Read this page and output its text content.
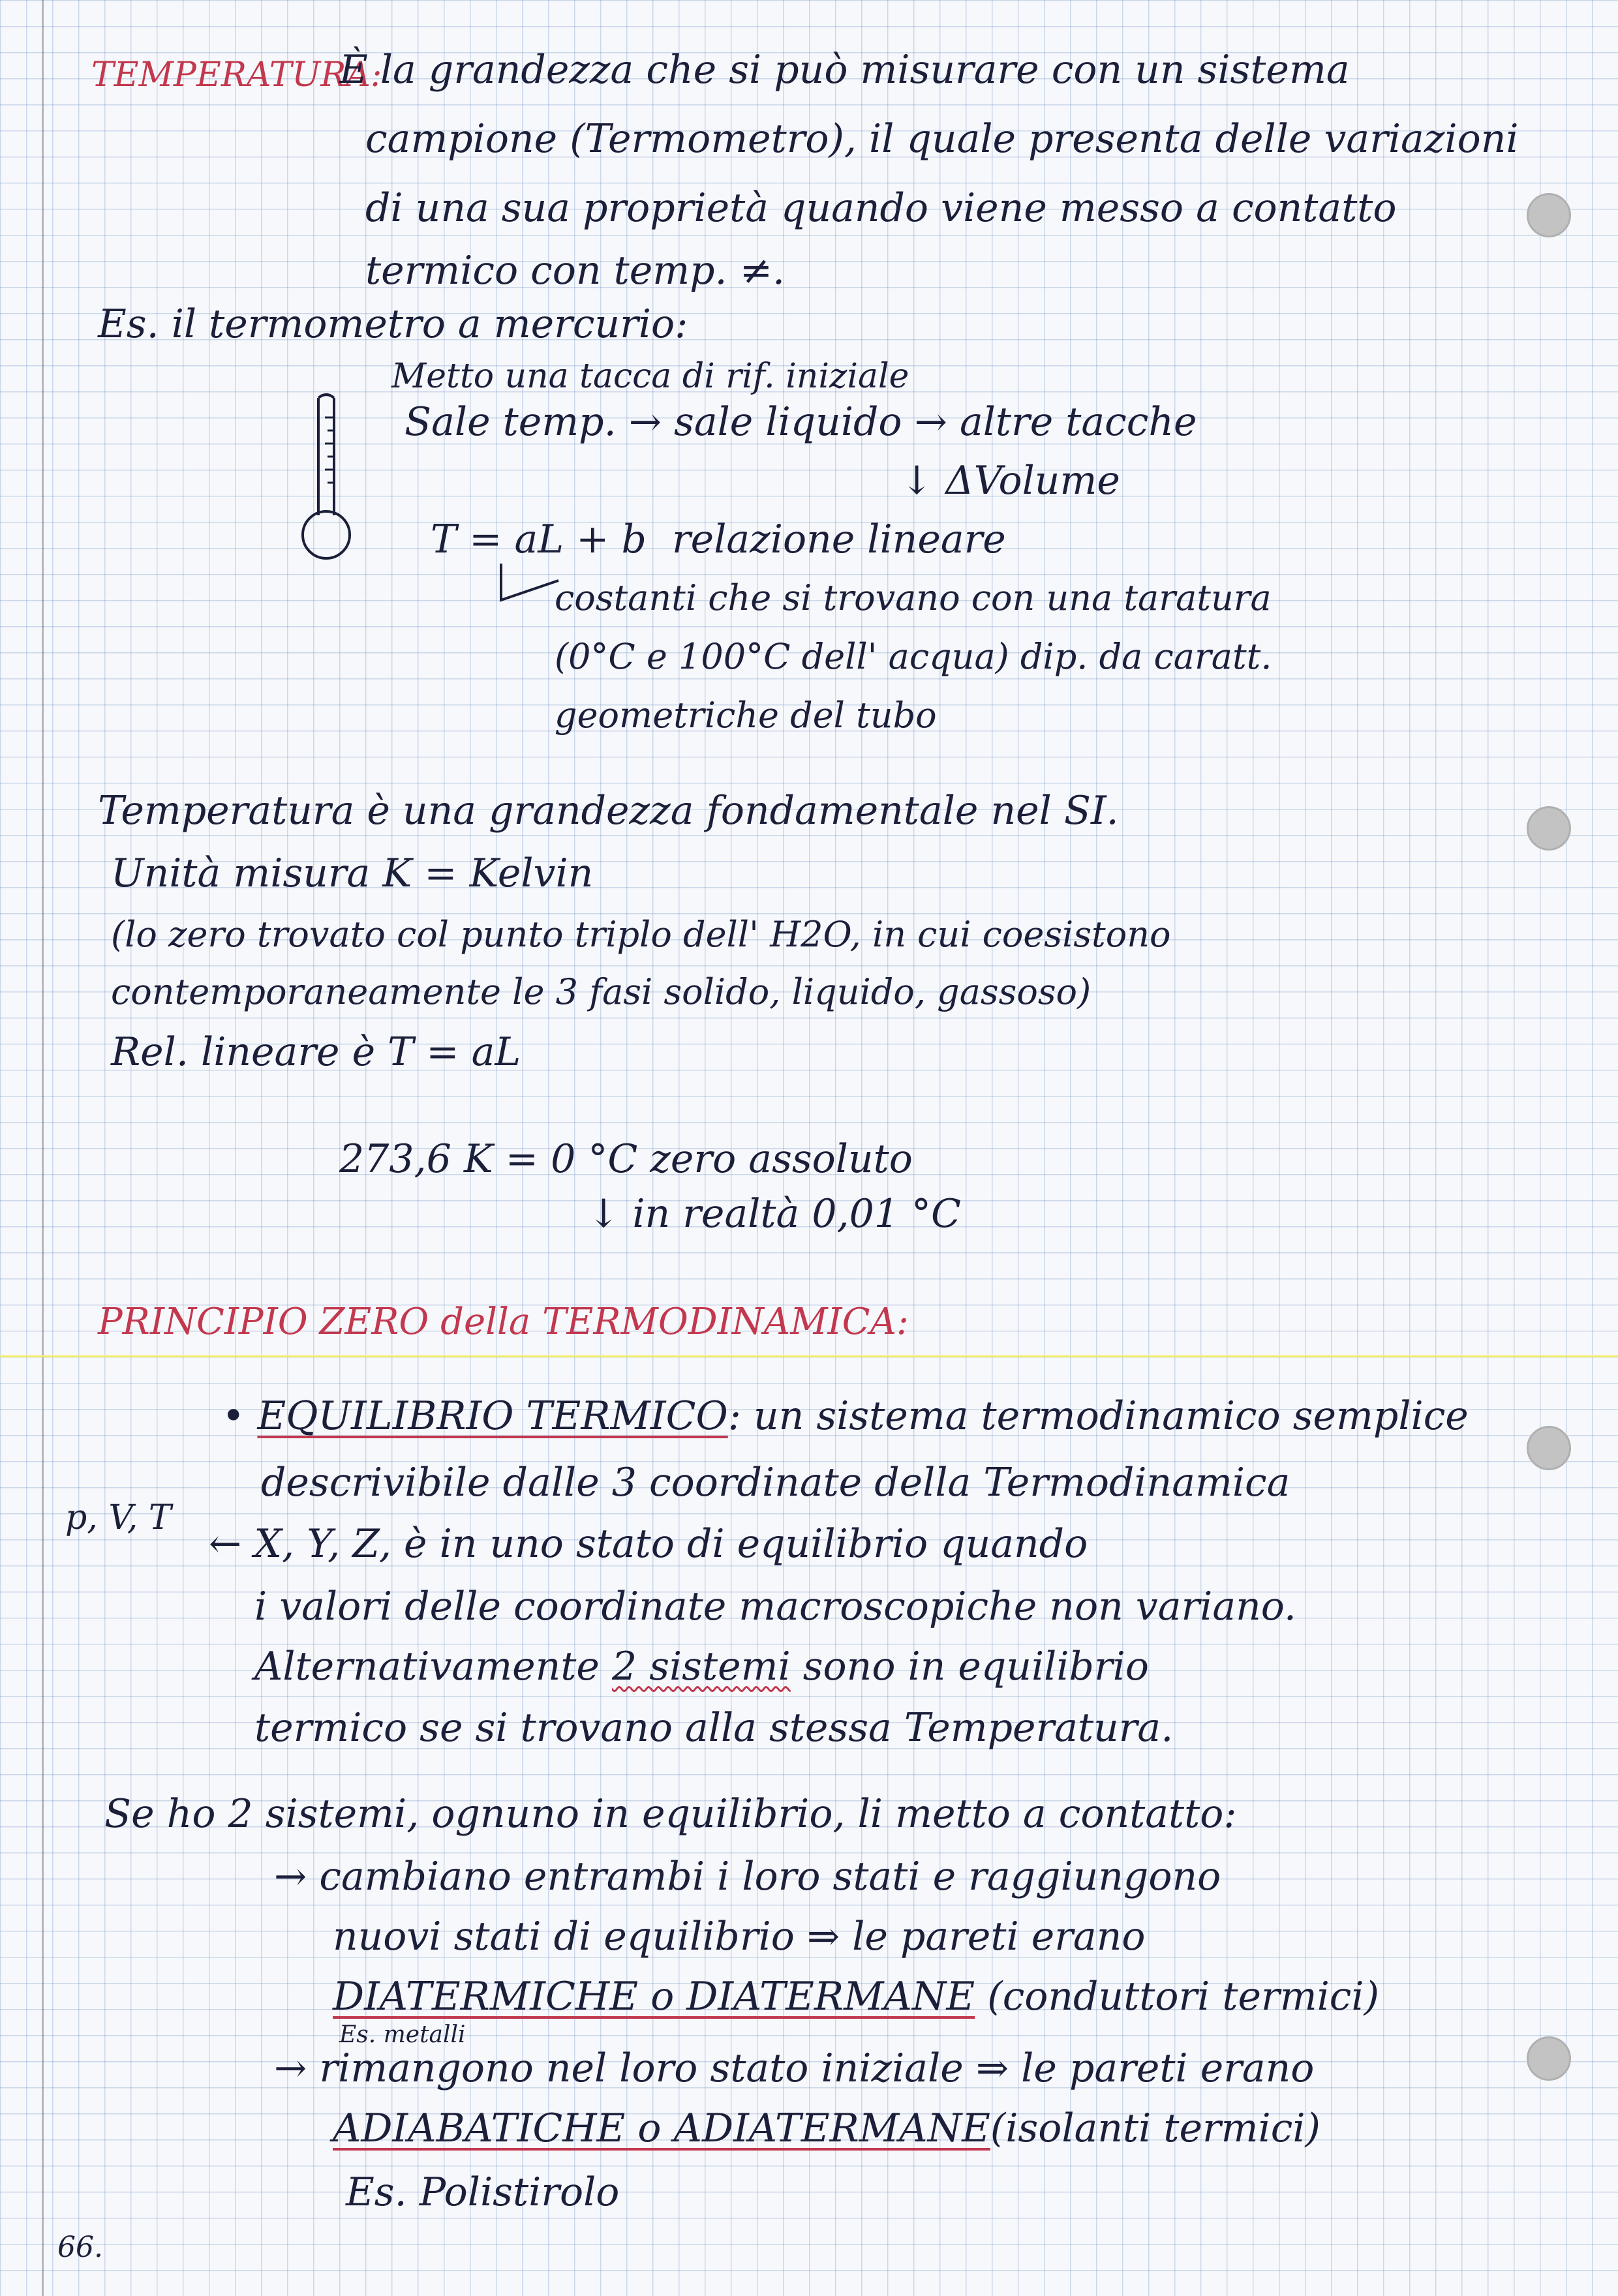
TEMPERATURA:
È la grandezza che si può misurare con un sistema
campione (Termometro), il quale presenta delle variazioni
di una sua proprietà quando viene messo a contatto
termico con temp. ≠.
Es. il termometro a mercurio:
Metto una tacca di rif. iniziale
Sale temp. → sale liquido → altre tacche
↓ ΔVolume
T = aL + b relazione lineare
costanti che si trovano con una taratura
(0°C e 100°C dell' acqua) dip. da caratt.
geometriche del tubo
Temperatura è una grandezza fondamentale nel SI.
Unità misura K = Kelvin
(lo zero trovato col punto triplo dell' H2O, in cui coesistono
contemporaneamente le 3 fasi solido, liquido, gassoso)
Rel. lineare è T = aL
273,6 K = 0 °C zero assoluto
↓ in realtà 0,01 °C
PRINCIPIO ZERO della TERMODINAMICA:
p, V, T
• EQUILIBRIO TERMICO: un sistema termodinamico semplice
descrivibile dalle 3 coordinate della Termodinamica
← X, Y, Z, è in uno stato di equilibrio quando
i valori delle coordinate macroscopiche non variano.
Alternativamente 2 sistemi sono in equilibrio
termico se si trovano alla stessa Temperatura.
Se ho 2 sistemi, ognuno in equilibrio, li metto a contatto:
→ cambiano entrambi i loro stati e raggiungono
nuovi stati di equilibrio ⇒ le pareti erano
DIATERMICHE o DIATERMANE (conduttori termici)
Es. metalli
→ rimangono nel loro stato iniziale ⇒ le pareti erano
ADIABATICHE o ADIATERMANE(isolanti termici)
Es. Polistirolo
66.
